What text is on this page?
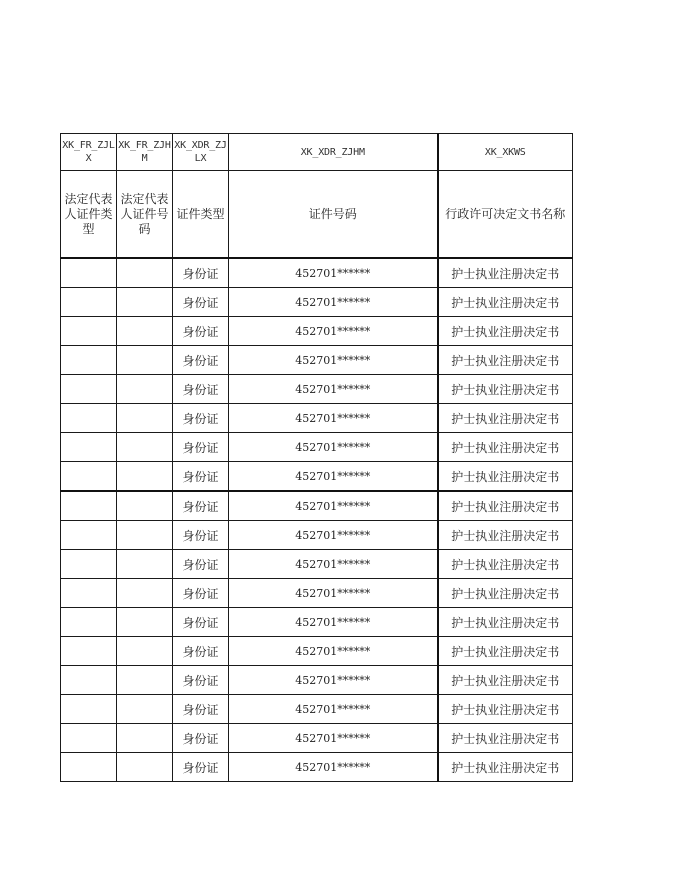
XK_FR_ZJLX	XK_FR_ZJHM	XK_XDR_ZJLX	XK_XDR_ZJHM	XK_XKWS
法定代表人证件类型	法定代表人证件号码	证件类型	证件号码	行政许可决定文书名称
		身份证	452701******	护士执业注册决定书
		身份证	452701******	护士执业注册决定书
		身份证	452701******	护士执业注册决定书
		身份证	452701******	护士执业注册决定书
		身份证	452701******	护士执业注册决定书
		身份证	452701******	护士执业注册决定书
		身份证	452701******	护士执业注册决定书
		身份证	452701******	护士执业注册决定书
		身份证	452701******	护士执业注册决定书
		身份证	452701******	护士执业注册决定书
		身份证	452701******	护士执业注册决定书
		身份证	452701******	护士执业注册决定书
		身份证	452701******	护士执业注册决定书
		身份证	452701******	护士执业注册决定书
		身份证	452701******	护士执业注册决定书
		身份证	452701******	护士执业注册决定书
		身份证	452701******	护士执业注册决定书
		身份证	452701******	护士执业注册决定书
